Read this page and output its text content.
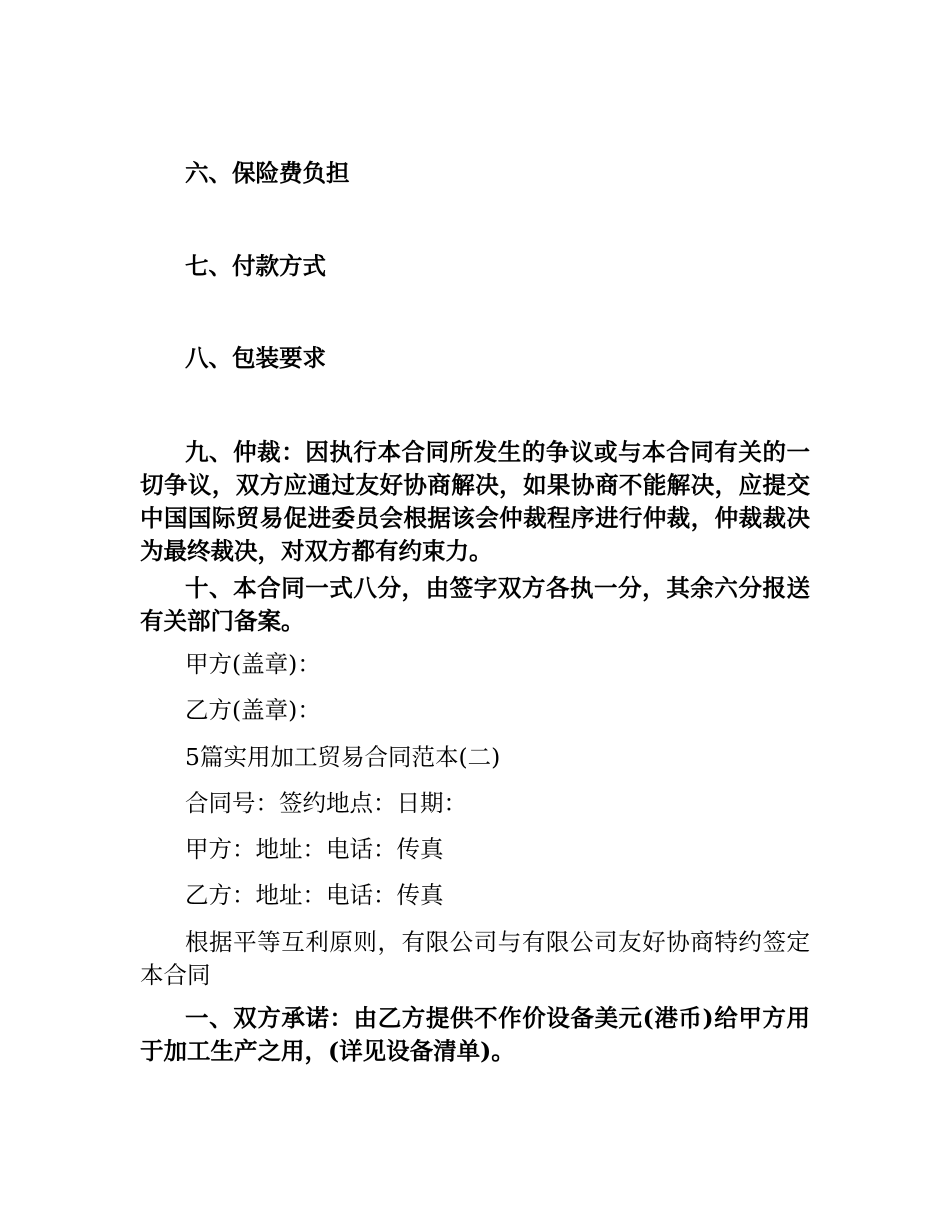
六、保险费负担
七、付款方式
八、包装要求
九、仲裁：因执行本合同所发生的争议或与本合同有关的一切争议，双方应通过友好协商解决，如果协商不能解决，应提交中国国际贸易促进委员会根据该会仲裁程序进行仲裁，仲裁裁决为最终裁决，对双方都有约束力。
十、本合同一式八分，由签字双方各执一分，其余六分报送有关部门备案。
甲方(盖章)：
乙方(盖章)：
5篇实用加工贸易合同范本(二)
合同号：签约地点：日期：
甲方：地址：电话：传真
乙方：地址：电话：传真
根据平等互利原则，有限公司与有限公司友好协商特约签定本合同
一、双方承诺：由乙方提供不作价设备美元(港币)给甲方用于加工生产之用，(详见设备清单)。
